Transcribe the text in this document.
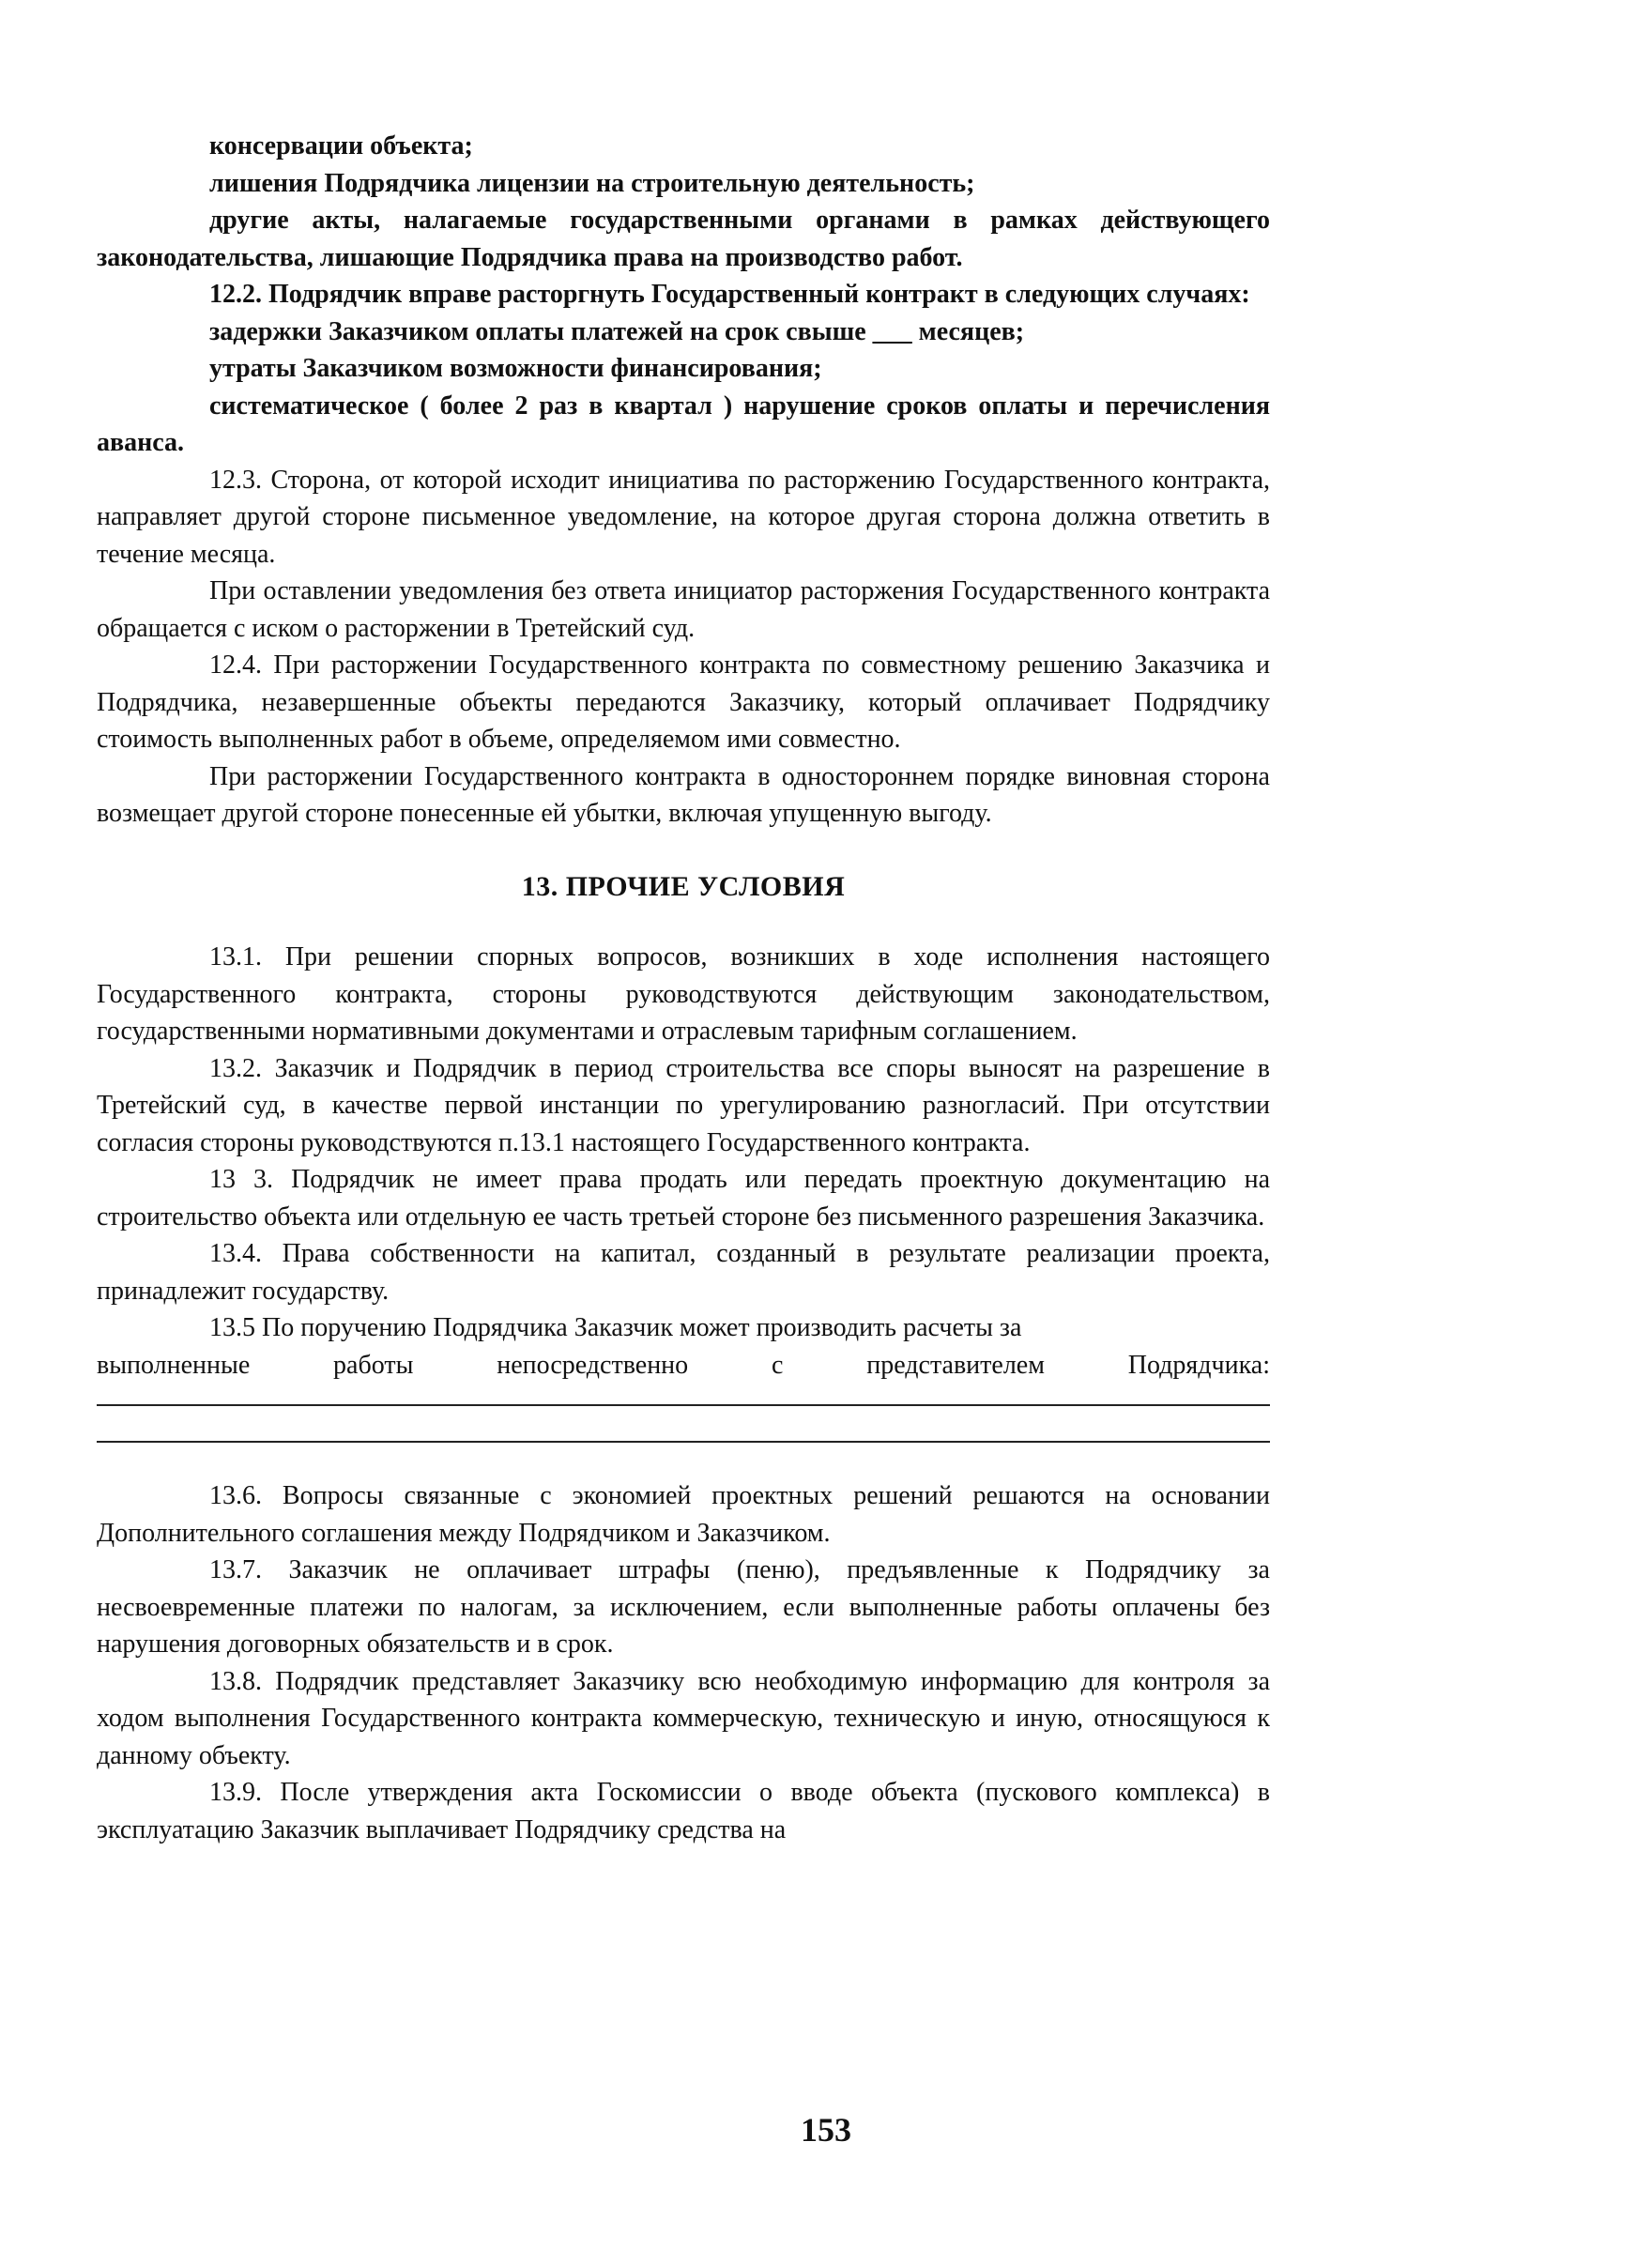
консервации объекта;

лишения Подрядчика лицензии на строительную деятельность;

другие акты, налагаемые государственными органами в рамках действующего законодательства, лишающие Подрядчика права на производство работ.

12.2. Подрядчик вправе расторгнуть Государственный контракт в следующих случаях:

задержки Заказчиком оплаты платежей на срок свыше ___ месяцев;

утраты Заказчиком возможности финансирования;

систематическое ( более 2 раз в квартал ) нарушение сроков оплаты и перечисления аванса.

12.3. Сторона, от которой исходит инициатива по расторжению Государственного контракта, направляет другой стороне письменное уведомление, на которое другая сторона должна ответить в течение месяца.

При оставлении уведомления без ответа инициатор расторжения Государственного контракта обращается с иском о расторжении в Третейский суд.

12.4. При расторжении Государственного контракта по совместному решению Заказчика и Подрядчика, незавершенные объекты передаются Заказчику, который оплачивает Подрядчику стоимость выполненных работ в объеме, определяемом ими совместно.

При расторжении Государственного контракта в одностороннем порядке виновная сторона возмещает другой стороне понесенные ей убытки, включая упущенную выгоду.

13. ПРОЧИЕ УСЛОВИЯ

13.1. При решении спорных вопросов, возникших в ходе исполнения настоящего Государственного контракта, стороны руководствуются действующим законодательством, государственными нормативными документами и отраслевым тарифным соглашением.

13.2. Заказчик и Подрядчик в период строительства все споры выносят на разрешение в Третейский суд, в качестве первой инстанции по урегулированию разногласий. При отсутствии согласия стороны руководствуются п.13.1 настоящего Государственного контракта.

13 3. Подрядчик не имеет права продать или передать проектную документацию на строительство объекта или отдельную ее часть третьей стороне без письменного разрешения Заказчика.

13.4. Права собственности на капитал, созданный в результате реализации проекта, принадлежит государству.

13.5 По поручению Подрядчика Заказчик может производить расчеты за

выполненные работы непосредственно с представителем Подрядчика:

13.6. Вопросы связанные с экономией проектных решений решаются на основании Дополнительного соглашения между Подрядчиком и Заказчиком.

13.7. Заказчик не оплачивает штрафы (пеню), предъявленные к Подрядчику за несвоевременные платежи по налогам, за исключением, если выполненные работы оплачены без нарушения договорных обязательств и в срок.

13.8. Подрядчик представляет Заказчику всю необходимую информацию для контроля за ходом выполнения Государственного контракта коммерческую, техническую и иную, относящуюся к данному объекту.

13.9. После утверждения акта Госкомиссии о вводе объекта (пускового комплекса) в эксплуатацию Заказчик выплачивает Подрядчику средства на

153
